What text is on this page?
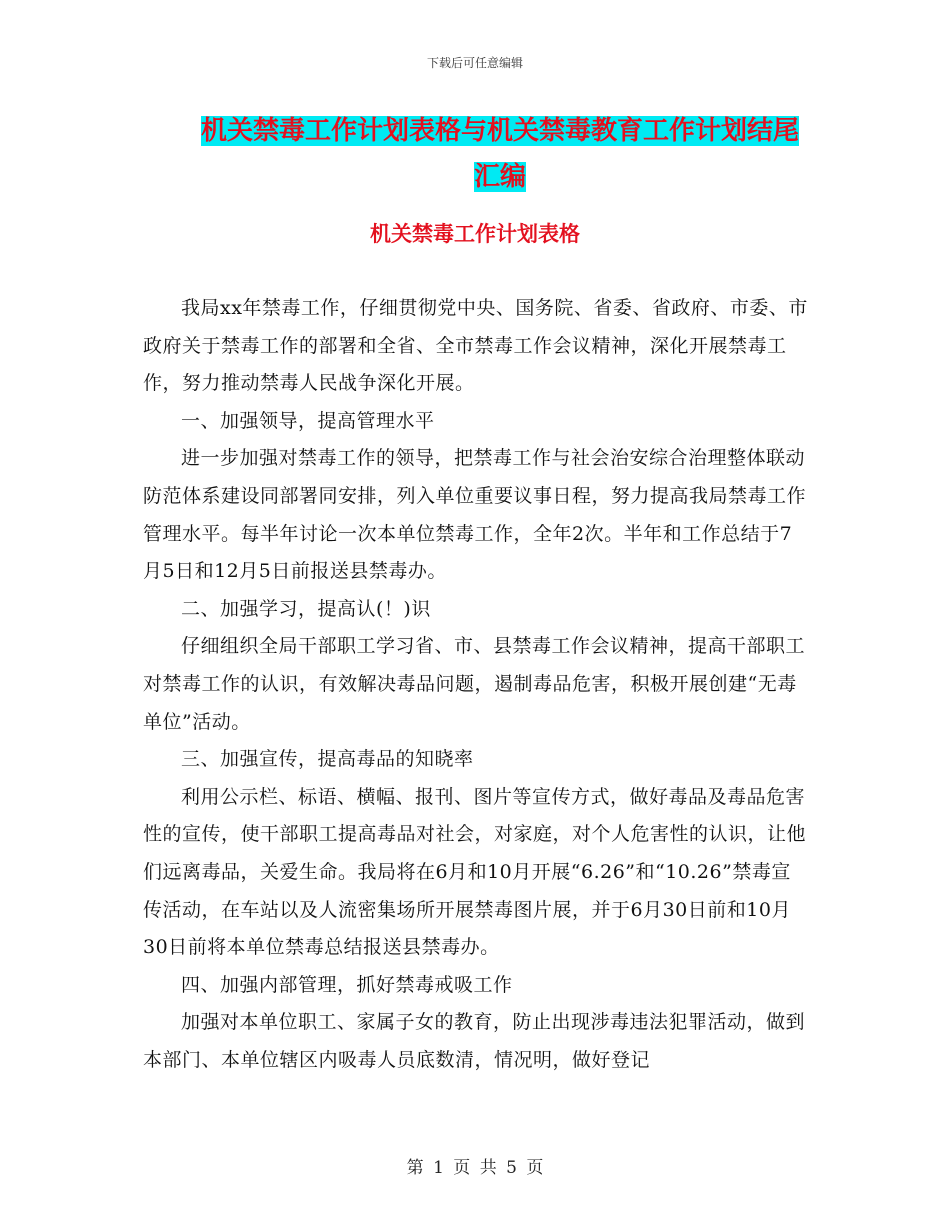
下载后可任意编辑
机关禁毒工作计划表格与机关禁毒教育工作计划结尾
汇编
机关禁毒工作计划表格

我局xx年禁毒工作，仔细贯彻党中央、国务院、省委、省政府、市委、市政府关于禁毒工作的部署和全省、全市禁毒工作会议精神，深化开展禁毒工作，努力推动禁毒人民战争深化开展。

一、加强领导，提高管理水平

进一步加强对禁毒工作的领导，把禁毒工作与社会治安综合治理整体联动防范体系建设同部署同安排，列入单位重要议事日程，努力提高我局禁毒工作管理水平。每半年讨论一次本单位禁毒工作，全年2次。半年和工作总结于7月5日和12月5日前报送县禁毒办。

二、加强学习，提高认(！)识

仔细组织全局干部职工学习省、市、县禁毒工作会议精神，提高干部职工对禁毒工作的认识，有效解决毒品问题，遏制毒品危害，积极开展创建“无毒单位”活动。

三、加强宣传，提高毒品的知晓率

利用公示栏、标语、横幅、报刊、图片等宣传方式，做好毒品及毒品危害性的宣传，使干部职工提高毒品对社会，对家庭，对个人危害性的认识，让他们远离毒品，关爱生命。我局将在6月和10月开展“6.26”和“10.26”禁毒宣传活动，在车站以及人流密集场所开展禁毒图片展，并于6月30日前和10月30日前将本单位禁毒总结报送县禁毒办。

四、加强内部管理，抓好禁毒戒吸工作

加强对本单位职工、家属子女的教育，防止出现涉毒违法犯罪活动，做到本部门、本单位辖区内吸毒人员底数清，情况明，做好登记

第 1 页 共 5 页
